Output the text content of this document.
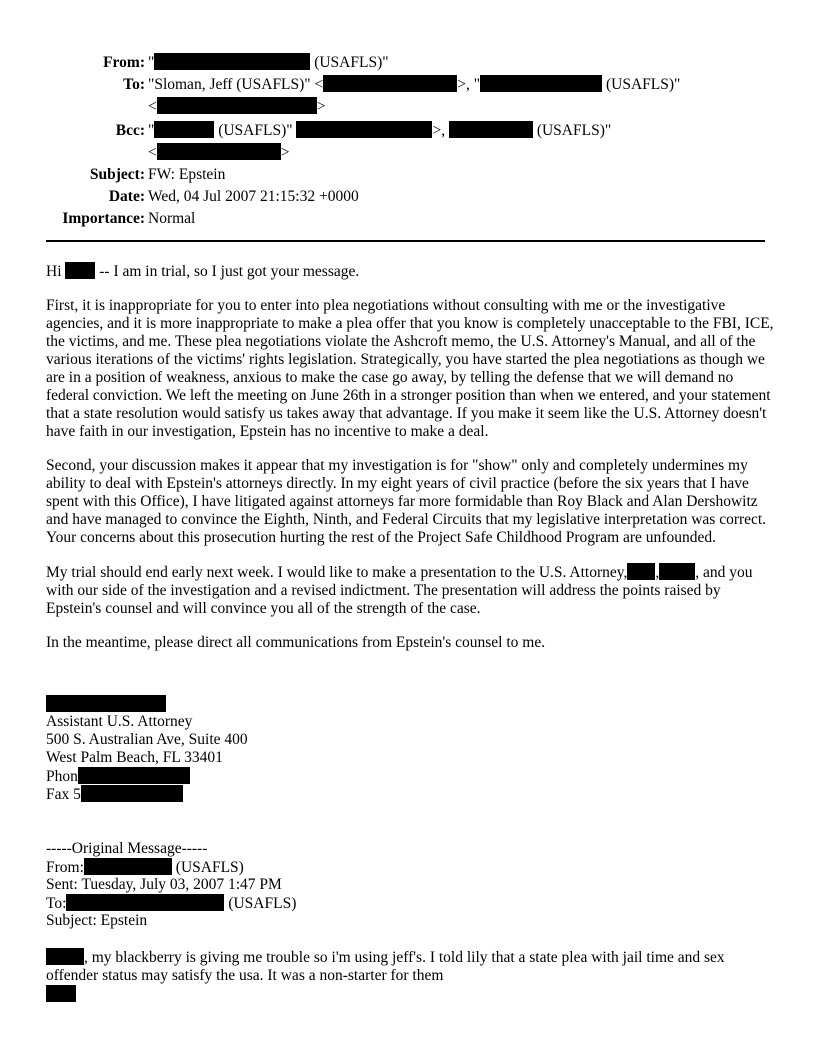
From: "	(USAFLS)"
To: "Sloman, Jeff (USAFLS)" <	>, "	(USAFLS)"
<	>
Bcc: "	(USAFLS)"	>,	(USAFLS)"
<	>
Subject: FW: Epstein
Date: Wed, 04 Jul 2007 21:15:32 +0000
Importance: Normal

Hi  -- I am in trial, so I just got your message.

First, it is inappropriate for you to enter into plea negotiations without consulting with me or the investigative agencies, and it is more inappropriate to make a plea offer that you know is completely unacceptable to the FBI, ICE, the victims, and me. These plea negotiations violate the Ashcroft memo, the U.S. Attorney's Manual, and all of the various iterations of the victims' rights legislation. Strategically, you have started the plea negotiations as though we are in a position of weakness, anxious to make the case go away, by telling the defense that we will demand no federal conviction. We left the meeting on June 26th in a stronger position than when we entered, and your statement that a state resolution would satisfy us takes away that advantage. If you make it seem like the U.S. Attorney doesn't have faith in our investigation, Epstein has no incentive to make a deal.

Second, your discussion makes it appear that my investigation is for "show" only and completely undermines my ability to deal with Epstein's attorneys directly. In my eight years of civil practice (before the six years that I have spent with this Office), I have litigated against attorneys far more formidable than Roy Black and Alan Dershowitz and have managed to convince the Eighth, Ninth, and Federal Circuits that my legislative interpretation was correct. Your concerns about this prosecution hurting the rest of the Project Safe Childhood Program are unfounded.

My trial should end early next week. I would like to make a presentation to the U.S. Attorney, , , and you with our side of the investigation and a revised indictment. The presentation will address the points raised by Epstein's counsel and will convince you all of the strength of the case.

In the meantime, please direct all communications from Epstein's counsel to me.

Assistant U.S. Attorney
500 S. Australian Ave, Suite 400
West Palm Beach, FL 33401
Phon
Fax 5
-----Original Message-----
From:	(USAFLS)
Sent: Tuesday, July 03, 2007 1:47 PM
To:	(USAFLS)
Subject: Epstein
, my blackberry is giving me trouble so i'm using jeff's. I told lily that a state plea with jail time and sex offender status may satisfy the usa. It was a non-starter for them
